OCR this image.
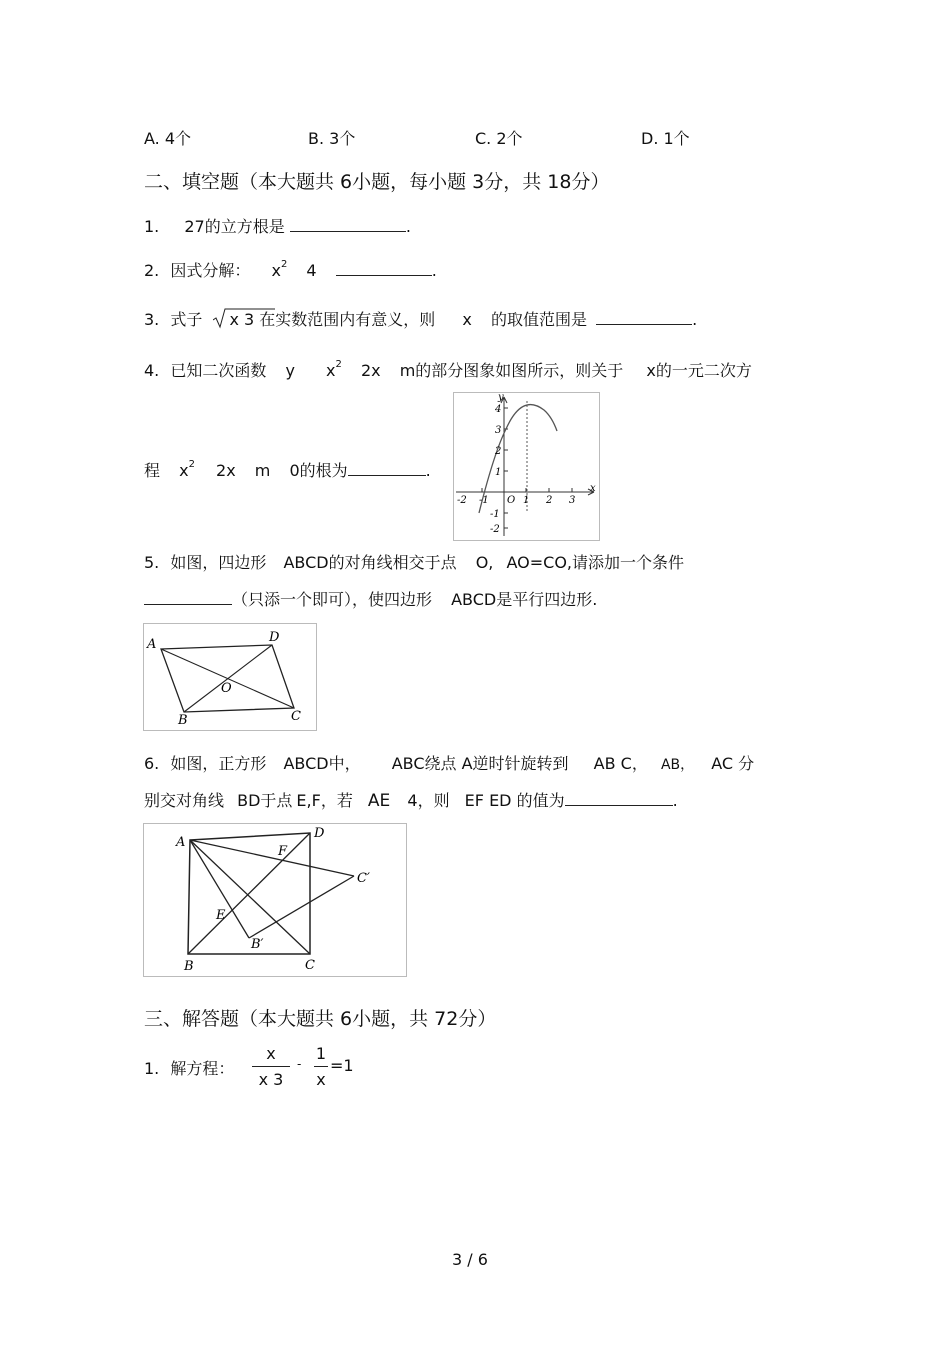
A. 4个	B. 3个	C. 2个	D. 1个
二、填空题（本大题共 6小题，每小题 3分，共 18分）
1. 27的立方根是	.
2. 因式分解： $x^2$ 4	.
3. 式子 x 3 在实数范围内有意义，则 x 的取值范围是	.
4. 已知二次函数 y $x^2$ 2x m的部分图象如图所示，则关于 x的一元二次方
程 $x^2$ 2x m 0的根为	.
y
x
O
-2 -1	1 2 3
4
3
2
1
-1
-2
5. 如图，四边形 ABCD的对角线相交于点 O, AO=CO,请添加一个条件
（只添一个即可），使四边形 ABCD是平行四边形.
A	D
O
B	C
6. 如图，正方形 ABCD中， ABC绕点 A逆时针旋转到 AB C， AB， AC 分
别交对角线 BD于点 E,F，若 AE 4，则 EF ED 的值为	.
A
D
F
C′
E
B′
B	C
三、解答题（本大题共 6小题，共 72分）
1. 解方程：
x
x 3
-
1
x
=1
3 / 6
